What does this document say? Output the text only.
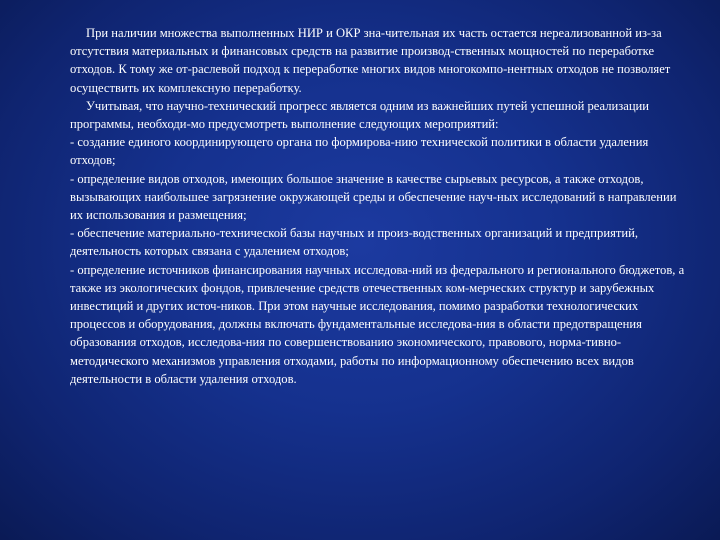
При наличии множества выполненных НИР и ОКР зна-чительная их часть остается нереализованной из-за отсутствия материальных и финансовых средств на развитие производ-ственных мощностей по переработке отходов. К тому же от-раслевой подход к переработке многих видов многокомпо-нентных отходов не позволяет осуществить их комплексную переработку.

Учитывая, что научно-технический прогресс является одним из важнейших путей успешной реализации программы, необходи-мо предусмотреть выполнение следующих мероприятий:

- создание единого координирующего органа по формирова-нию технической политики в области удаления отходов;

- определение видов отходов, имеющих большое значение в качестве сырьевых ресурсов, а также отходов, вызывающих наибольшее загрязнение окружающей среды и обеспечение науч-ных исследований в направлении их использования и размещения;

- обеспечение материально-технической базы научных и произ-водственных организаций и предприятий, деятельность которых связана с удалением отходов;

- определение источников финансирования научных исследова-ний из федерального и регионального бюджетов, а также из экологических фондов, привлечение средств отечественных ком-мерческих структур и зарубежных инвестиций и других источ-ников. При этом научные исследования, помимо разработки технологических процессов и оборудования, должны включать фундаментальные исследова-ния в области предотвращения образования отходов, исследова-ния по совершенствованию экономического, правового, норма-тивно-методического механизмов управления отходами, работы по информационному обеспечению всех видов деятельности в области удаления отходов.
